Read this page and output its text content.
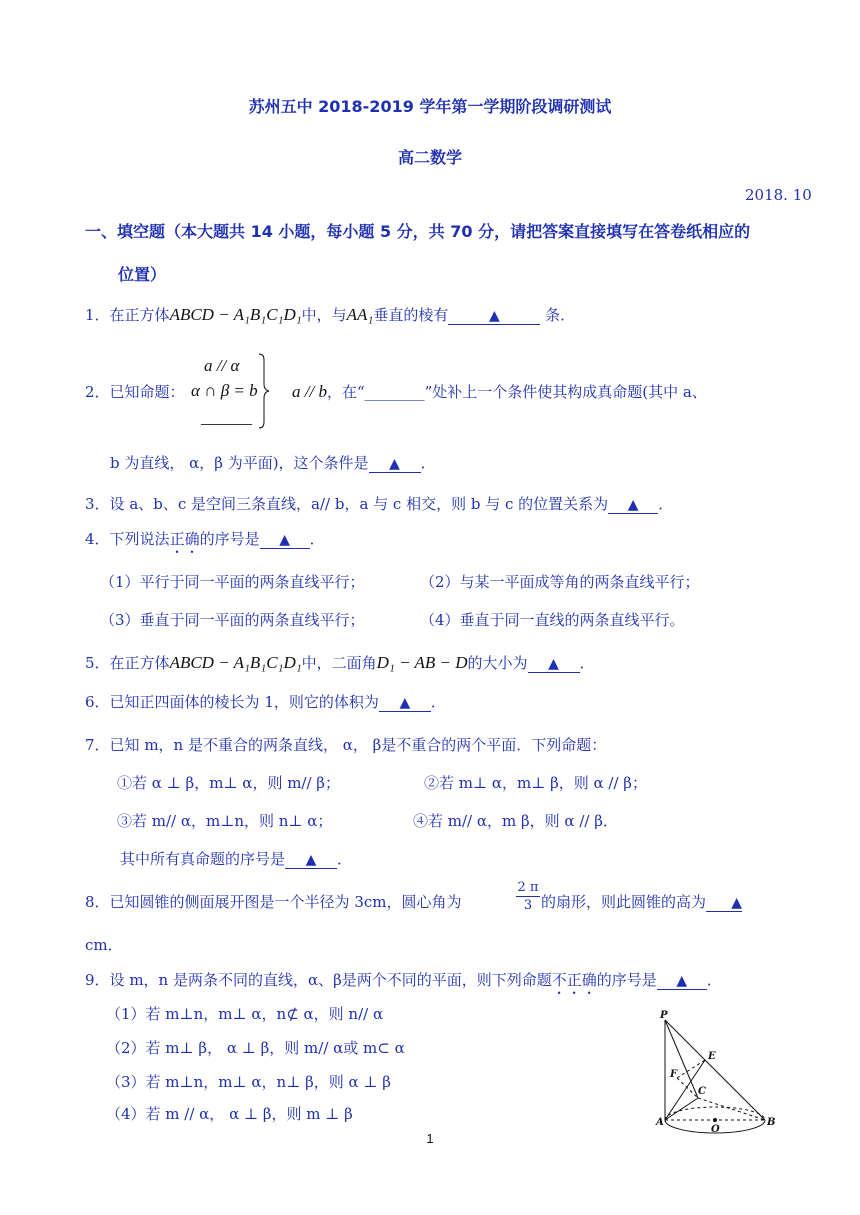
苏州五中 2018-2019 学年第一学期阶段调研测试
高二数学
2018. 10
一、填空题（本大题共 14 小题，每小题 5 分，共 70 分，请把答案直接填写在答卷纸相应的
位置）
1．在正方体ABCD − A₁B₁C₁D₁中，与AA₁垂直的棱有	▲	条．
2．已知命题：
a // α
α ∩ β = b
______
a // b，在“________”处补上一个条件使其构成真命题(其中 a、
b 为直线， α，β 为平面)，这个条件是 ▲ ．
3．设 a、b、c 是空间三条直线，a// b，a 与 c 相交，则 b 与 c 的位置关系为 ▲ ．
4．下列说法正确的序号是 ▲ ．
（1）平行于同一平面的两条直线平行；	（2）与某一平面成等角的两条直线平行；
（3）垂直于同一平面的两条直线平行；	（4）垂直于同一直线的两条直线平行。
5．在正方体ABCD − A₁B₁C₁D₁中，二面角D₁ − AB − D的大小为 ▲ ．
6．已知正四面体的棱长为 1，则它的体积为 ▲ ．
7．已知 m，n 是不重合的两条直线， α， β是不重合的两个平面．下列命题：
①若 α ⊥ β，m⊥ α，则 m// β；	②若 m⊥ α，m⊥ β，则 α // β；
③若 m// α，m⊥n，则 n⊥ α；	④若 m// α，m β，则 α // β．
其中所有真命题的序号是 ▲ ．
8．已知圆锥的侧面展开图是一个半径为 3cm，圆心角为	$\frac{2 \pi}{3}$ 的扇形，则此圆锥的高为 ▲
cm．
9．设 m，n 是两条不同的直线，α、β是两个不同的平面，则下列命题不正确的序号是 ▲ ．
（1）若 m⊥n，m⊥ α，n⊄ α，则 n// α
（2）若 m⊥ β， α ⊥ β，则 m// α或 m⊂ α
（3）若 m⊥n，m⊥ α，n⊥ β，则 α ⊥ β
（4）若 m // α， α ⊥ β，则 m ⊥ β
P
E
F
C
A
O
B
1
